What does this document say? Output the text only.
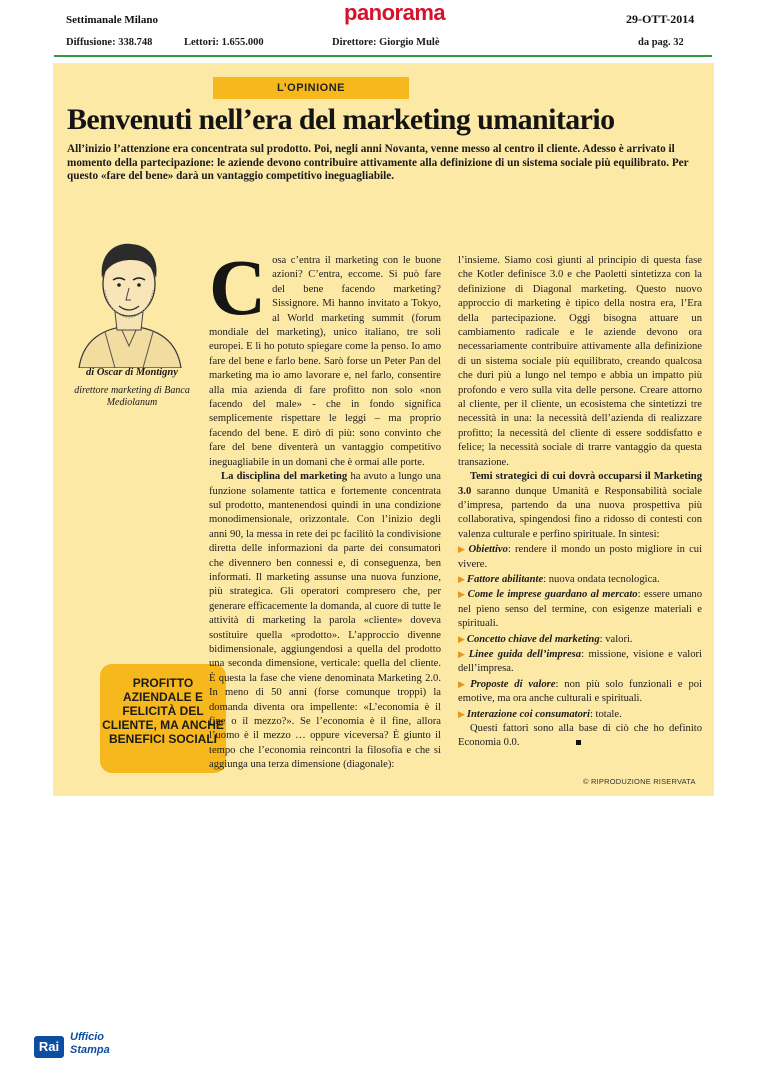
Settimanale Milano	panorama	29-OTT-2014
Diffusione: 338.748	Lettori: 1.655.000	Direttore: Giorgio Mulè	da pag. 32
L’OPINIONE
Benvenuti nell’era del marketing umanitario
All’inizio l’attenzione era concentrata sul prodotto. Poi, negli anni Novanta, venne messo al centro il cliente. Adesso è arrivato il momento della partecipazione: le aziende devono contribuire attivamente alla definizione di un sistema sociale più equilibrato. Per questo «fare del bene» darà un vantaggio competitivo ineguagliabile.
di Oscar di Montigny
direttore marketing di Banca Mediolanum
PROFITTO AZIENDALE E FELICITÀ DEL CLIENTE, MA ANCHE BENEFICI SOCIALI

Cosa c’entra il marketing con le buone azioni? C’entra, eccome. Si può fare del bene facendo marketing? Sissignore. Mi hanno invitato a Tokyo, al World marketing summit (forum mondiale del marketing), unico italiano, tre soli europei. E lì ho potuto spiegare come la penso. Io amo fare del bene e farlo bene. Sarò forse un Peter Pan del marketing ma io amo lavorare e, nel farlo, consentire alla mia azienda di fare profitto non solo «non facendo del male» - che in fondo significa semplicemente rispettare le leggi – ma proprio facendo del bene. E dirò di più: sono convinto che fare del bene diventerà un vantaggio competitivo ineguagliabile in un domani che è ormai alle porte.

La disciplina del marketing ha avuto a lungo una funzione solamente tattica e fortemente concentrata sul prodotto, mantenendosi quindi in una condizione monodimensionale, orizzontale. Con l’inizio degli anni 90, la messa in rete dei pc facilitò la condivisione diretta delle informazioni da parte dei consumatori che divennero ben connessi e, di conseguenza, ben informati. Il marketing assunse una nuova funzione, più strategica. Gli operatori compresero che, per generare efficacemente la domanda, al cuore di tutte le attività di marketing la parola «cliente» doveva sostituire quella «prodotto». L’approccio divenne bidimensionale, aggiungendosi a quella del prodotto una seconda dimensione, verticale: quella del cliente. È questa la fase che viene denominata Marketing 2.0. In meno di 50 anni (forse comunque troppi) la domanda diventa ora impellente: «L’economia è il fine o il mezzo?». Se l’economia è il fine, allora l’uomo è il mezzo … oppure viceversa? È giunto il tempo che l’economia reincontri la filosofia e che si aggiunga una terza dimensione (diagonale):

l’insieme. Siamo così giunti al principio di questa fase che Kotler definisce 3.0 e che Paoletti sintetizza con la definizione di Diagonal marketing. Questo nuovo approccio di marketing è tipico della nostra era, l’Era della partecipazione. Oggi bisogna attuare un cambiamento radicale e le aziende devono ora necessariamente contribuire attivamente alla definizione di un sistema sociale più equilibrato, creando qualcosa che duri più a lungo nel tempo e abbia un impatto più profondo e vero sulla vita delle persone. Creare attorno al cliente, per il cliente, un ecosistema che sintetizzi tre necessità in una: la necessità dell’azienda di realizzare profitto; la necessità del cliente di essere soddisfatto e felice; la necessità sociale di trarre vantaggio da questa transazione.

Temi strategici di cui dovrà occuparsi il Marketing 3.0 saranno dunque Umanità e Responsabilità sociale d’impresa, partendo da una nuova prospettiva più collaborativa, spingendosi fino a ridosso di contesti con valenza culturale e perfino spirituale. In sintesi:

▶ Obiettivo: rendere il mondo un posto migliore in cui vivere.
▶ Fattore abilitante: nuova ondata tecnologica.
▶ Come le imprese guardano al mercato: essere umano nel pieno senso del termine, con esigenze materiali e spirituali.
▶ Concetto chiave del marketing: valori.
▶ Linee guida dell’impresa: missione, visione e valori dell’impresa.
▶ Proposte di valore: non più solo funzionali e poi emotive, ma ora anche culturali e spirituali.
▶ Interazione coi consumatori: totale.

Questi fattori sono alla base di ciò che ho definito Economia 0.0.

© RIPRODUZIONE RISERVATA
Rai
Ufficio
Stampa
